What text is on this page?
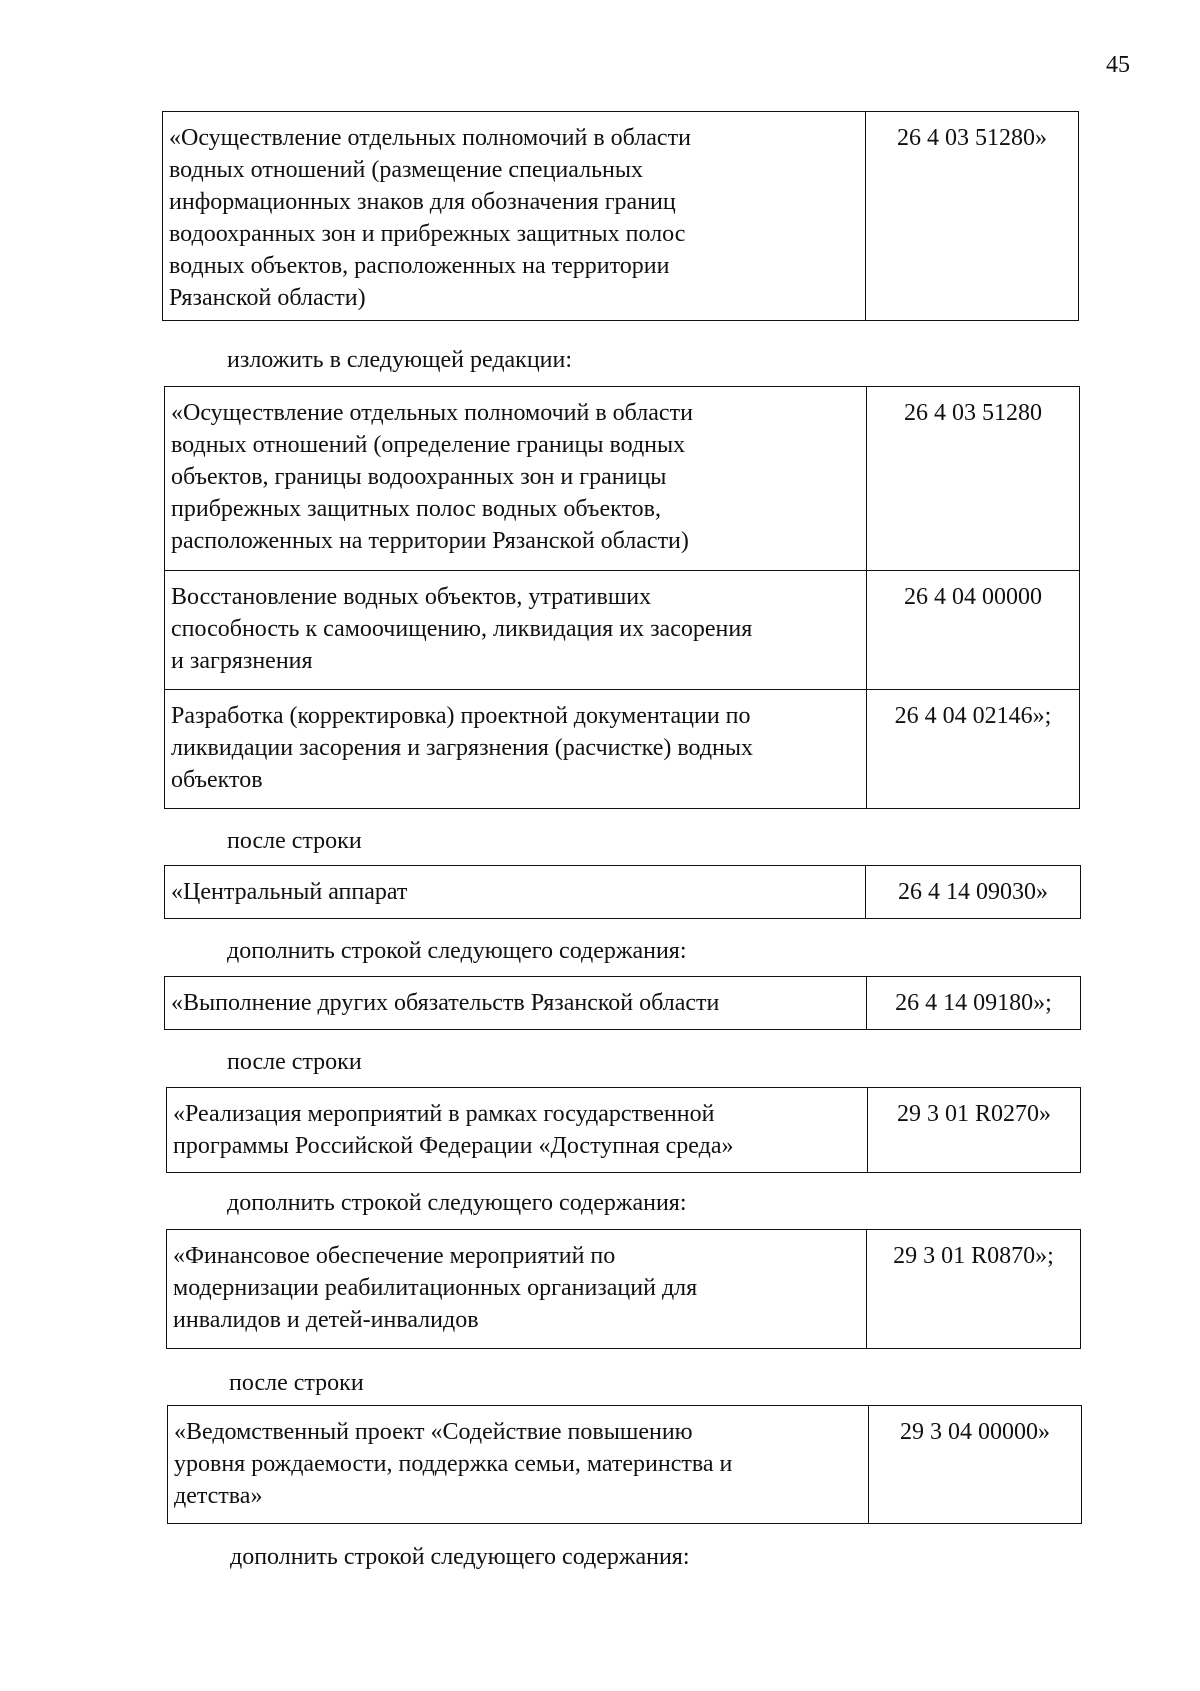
45
«Осуществление отдельных полномочий в области
водных отношений (размещение специальных
информационных знаков для обозначения границ
водоохранных зон и прибрежных защитных полос
водных объектов, расположенных на территории
Рязанской области)	26 4 03 51280»
изложить в следующей редакции:
«Осуществление отдельных полномочий в области
водных отношений (определение границы водных
объектов, границы водоохранных зон и границы
прибрежных защитных полос водных объектов,
расположенных на территории Рязанской области)	26 4 03 51280
Восстановление водных объектов, утративших
способность к самоочищению, ликвидация их засорения
и загрязнения	26 4 04 00000
Разработка (корректировка) проектной документации по
ликвидации засорения и загрязнения (расчистке) водных
объектов	26 4 04 02146»;
после строки
«Центральный аппарат	26 4 14 09030»
дополнить строкой следующего содержания:
«Выполнение других обязательств Рязанской области	26 4 14 09180»;
после строки
«Реализация мероприятий в рамках государственной
программы Российской Федерации «Доступная среда»	29 3 01 R0270»
дополнить строкой следующего содержания:
«Финансовое обеспечение мероприятий по
модернизации реабилитационных организаций для
инвалидов и детей-инвалидов	29 3 01 R0870»;
после строки
«Ведомственный проект «Содействие повышению
уровня рождаемости, поддержка семьи, материнства и
детства»	29 3 04 00000»
дополнить строкой следующего содержания:
